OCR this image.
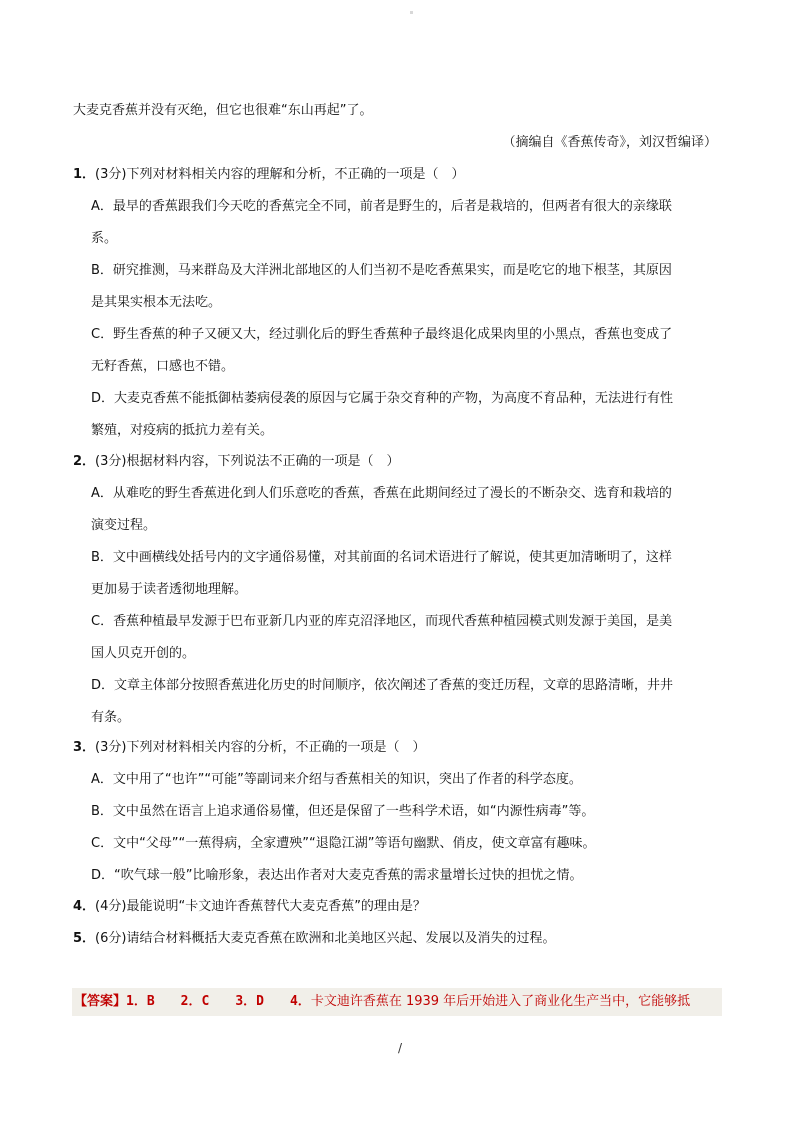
大麦克香蕉并没有灭绝，但它也很难“东山再起”了。
（摘编自《香蕉传奇》，刘汉哲编译）
1．(3分)下列对材料相关内容的理解和分析，不正确的一项是（　）
A．最早的香蕉跟我们今天吃的香蕉完全不同，前者是野生的，后者是栽培的，但两者有很大的亲缘联
系。
B．研究推测，马来群岛及大洋洲北部地区的人们当初不是吃香蕉果实，而是吃它的地下根茎，其原因
是其果实根本无法吃。
C．野生香蕉的种子又硬又大，经过驯化后的野生香蕉种子最终退化成果肉里的小黑点，香蕉也变成了
无籽香蕉，口感也不错。
D．大麦克香蕉不能抵御枯萎病侵袭的原因与它属于杂交育种的产物，为高度不育品种，无法进行有性
繁殖，对疫病的抵抗力差有关。
2．(3分)根据材料内容，下列说法不正确的一项是（　）
A．从难吃的野生香蕉进化到人们乐意吃的香蕉，香蕉在此期间经过了漫长的不断杂交、选育和栽培的
演变过程。
B．文中画横线处括号内的文字通俗易懂，对其前面的名词术语进行了解说，使其更加清晰明了，这样
更加易于读者透彻地理解。
C．香蕉种植最早发源于巴布亚新几内亚的库克沼泽地区，而现代香蕉种植园模式则发源于美国，是美
国人贝克开创的。
D．文章主体部分按照香蕉进化历史的时间顺序，依次阐述了香蕉的变迁历程，文章的思路清晰，井井
有条。
3．(3分)下列对材料相关内容的分析，不正确的一项是（　）
A．文中用了“也许”“可能”等副词来介绍与香蕉相关的知识，突出了作者的科学态度。
B．文中虽然在语言上追求通俗易懂，但还是保留了一些科学术语，如“内源性病毒”等。
C．文中“父母”“一蕉得病，全家遭殃”“退隐江湖”等语句幽默、俏皮，使文章富有趣味。
D．“吹气球一般”比喻形象，表达出作者对大麦克香蕉的需求量增长过快的担忧之情。
4．(4分)最能说明“卡文迪许香蕉替代大麦克香蕉”的理由是？
5．(6分)请结合材料概括大麦克香蕉在欧洲和北美地区兴起、发展以及消失的过程。
【答案】1．B　　2．C　　3．D　　4．卡文迪许香蕉在 1939 年后开始进入了商业化生产当中，它能够抵
/
